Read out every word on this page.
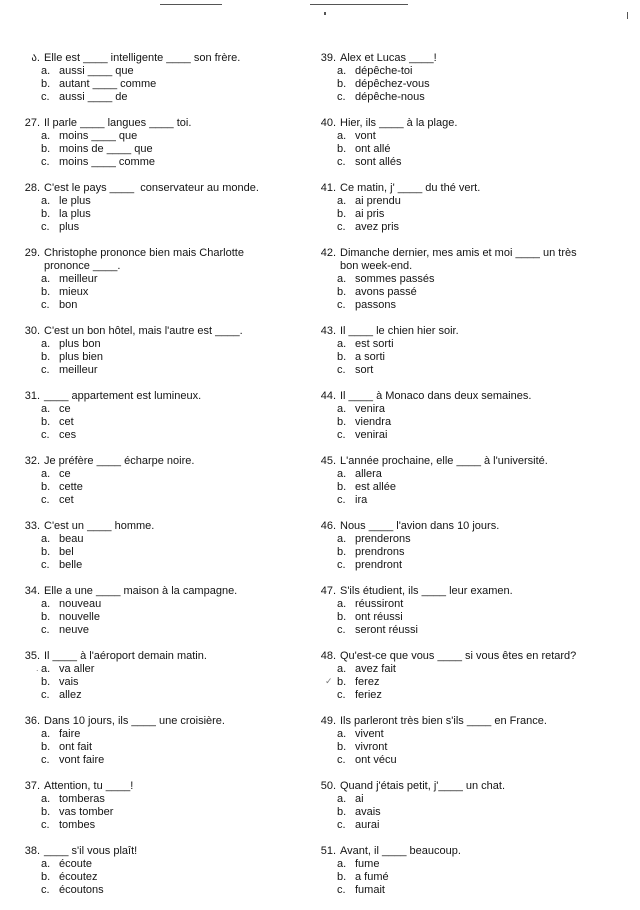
ა. Elle est ____ intelligente ____ son frère.
a. aussi ____ que
b. autant ____ comme
c. aussi ____ de
27. Il parle ____ langues ____ toi.
a. moins ____ que
b. moins de ____ que
c. moins ____ comme
28. C'est le pays ____  conservateur au monde.
a. le plus
b. la plus
c. plus
29. Christophe prononce bien mais Charlotte
prononce ____.
a. meilleur
b. mieux
c. bon
30. C'est un bon hôtel, mais l'autre est ____.
a. plus bon
b. plus bien
c. meilleur
31. ____ appartement est lumineux.
a. ce
b. cet
c. ces
32. Je préfère ____ écharpe noire.
a. ce
b. cette
c. cet
33. C'est un ____ homme.
a. beau
b. bel
c. belle
34. Elle a une ____ maison à la campagne.
a. nouveau
b. nouvelle
c. neuve
35. Il ____ à l'aéroport demain matin.
a. va aller
b. vais
c. allez
36. Dans 10 jours, ils ____ une croisière.
a. faire
b. ont fait
c. vont faire
37. Attention, tu ____!
a. tomberas
b. vas tomber
c. tombes
38. ____ s'il vous plaît!
a. écoute
b. écoutez
c. écoutons
39. Alex et Lucas ____!
a. dépêche-toi
b. dépêchez-vous
c. dépêche-nous
40. Hier, ils ____ à la plage.
a. vont
b. ont allé
c. sont allés
41. Ce matin, j' ____ du thé vert.
a. ai prendu
b. ai pris
c. avez pris
42. Dimanche dernier, mes amis et moi ____ un très
bon week-end.
a. sommes passés
b. avons passé
c. passons
43. Il ____ le chien hier soir.
a. est sorti
b. a sorti
c. sort
44. Il ____ à Monaco dans deux semaines.
a. venira
b. viendra
c. venirai
45. L'année prochaine, elle ____ à l'université.
a. allera
b. est allée
c. ira
46. Nous ____ l'avion dans 10 jours.
a. prenderons
b. prendrons
c. prendront
47. S'ils étudient, ils ____ leur examen.
a. réussiront
b. ont réussi
c. seront réussi
48. Qu'est-ce que vous ____ si vous êtes en retard?
a. avez fait
b. ferez
c. feriez
49. Ils parleront très bien s'ils ____ en France.
a. vivent
b. vivront
c. ont vécu
50. Quand j'étais petit, j'____ un chat.
a. ai
b. avais
c. aurai
51. Avant, il ____ beaucoup.
a. fume
b. a fumé
c. fumait
.
✓
